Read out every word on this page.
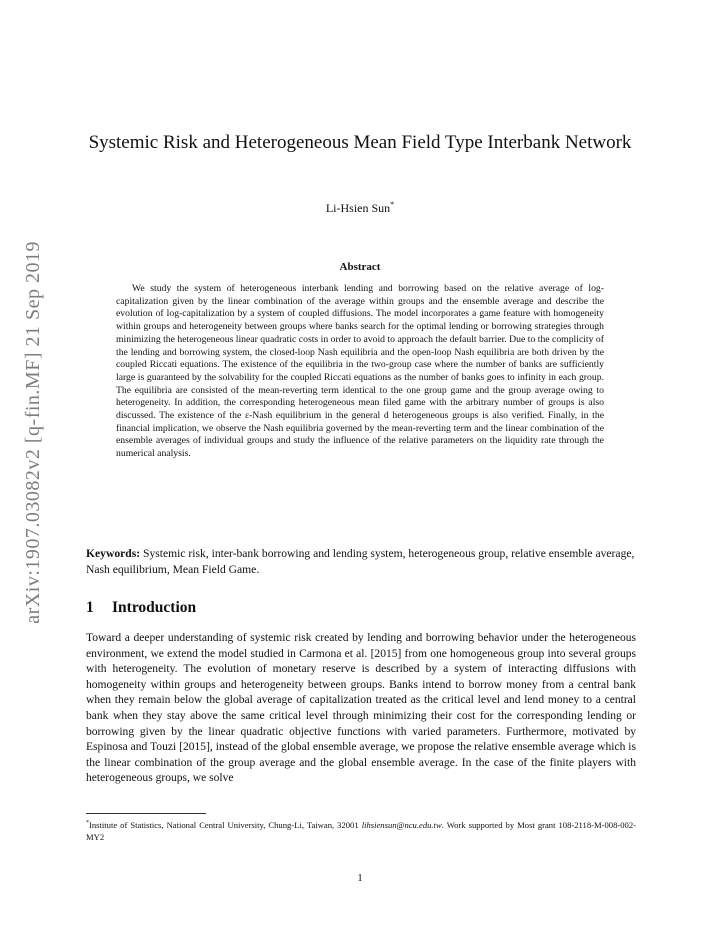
arXiv:1907.03082v2 [q-fin.MF] 21 Sep 2019
Systemic Risk and Heterogeneous Mean Field Type Interbank Network
Li-Hsien Sun*
Abstract

We study the system of heterogeneous interbank lending and borrowing based on the relative average of log-capitalization given by the linear combination of the average within groups and the ensemble average and describe the evolution of log-capitalization by a system of coupled diffusions. The model incorporates a game feature with homogeneity within groups and heterogeneity between groups where banks search for the optimal lending or borrowing strategies through minimizing the heterogeneous linear quadratic costs in order to avoid to approach the default barrier. Due to the complicity of the lending and borrowing system, the closed-loop Nash equilibria and the open-loop Nash equilibria are both driven by the coupled Riccati equations. The existence of the equilibria in the two-group case where the number of banks are sufficiently large is guaranteed by the solvability for the coupled Riccati equations as the number of banks goes to infinity in each group. The equilibria are consisted of the mean-reverting term identical to the one group game and the group average owing to heterogeneity. In addition, the corresponding heterogeneous mean filed game with the arbitrary number of groups is also discussed. The existence of the ε-Nash equilibrium in the general d heterogeneous groups is also verified. Finally, in the financial implication, we observe the Nash equilibria governed by the mean-reverting term and the linear combination of the ensemble averages of individual groups and study the influence of the relative parameters on the liquidity rate through the numerical analysis.

Keywords: Systemic risk, inter-bank borrowing and lending system, heterogeneous group, relative ensemble average, Nash equilibrium, Mean Field Game.

1 Introduction

Toward a deeper understanding of systemic risk created by lending and borrowing behavior under the heterogeneous environment, we extend the model studied in Carmona et al. [2015] from one homogeneous group into several groups with heterogeneity. The evolution of monetary reserve is described by a system of interacting diffusions with homogeneity within groups and heterogeneity between groups. Banks intend to borrow money from a central bank when they remain below the global average of capitalization treated as the critical level and lend money to a central bank when they stay above the same critical level through minimizing their cost for the corresponding lending or borrowing given by the linear quadratic objective functions with varied parameters. Furthermore, motivated by Espinosa and Touzi [2015], instead of the global ensemble average, we propose the relative ensemble average which is the linear combination of the group average and the global ensemble average. In the case of the finite players with heterogeneous groups, we solve

*Institute of Statistics, National Central University, Chung-Li, Taiwan, 32001 lihsiensun@ncu.edu.tw. Work supported by Most grant 108-2118-M-008-002-MY2

1
